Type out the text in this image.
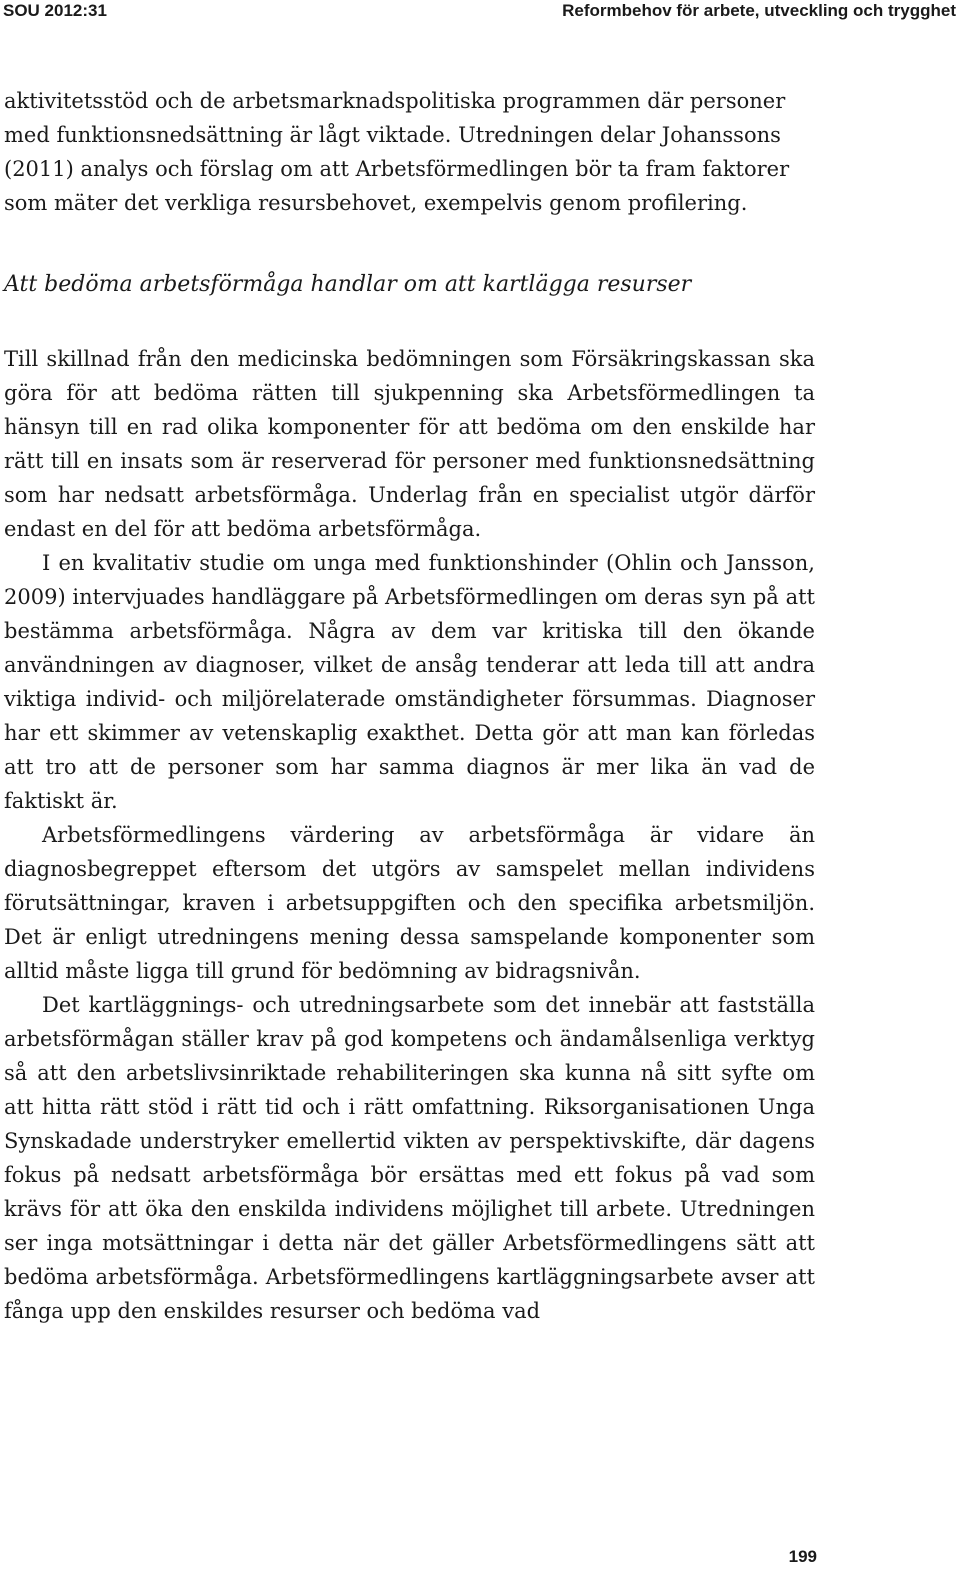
SOU 2012:31	Reformbehov för arbete, utveckling och trygghet

aktivitetsstöd och de arbetsmarknadspolitiska programmen där personer med funktionsnedsättning är lågt viktade. Utredningen delar Johanssons (2011) analys och förslag om att Arbetsförmedlingen bör ta fram faktorer som mäter det verkliga resursbehovet, exempelvis genom profilering.

Att bedöma arbetsförmåga handlar om att kartlägga resurser

Till skillnad från den medicinska bedömningen som Försäkringskassan ska göra för att bedöma rätten till sjukpenning ska Arbetsförmedlingen ta hänsyn till en rad olika komponenter för att bedöma om den enskilde har rätt till en insats som är reserverad för personer med funktionsnedsättning som har nedsatt arbetsförmåga. Underlag från en specialist utgör därför endast en del för att bedöma arbetsförmåga.

I en kvalitativ studie om unga med funktionshinder (Ohlin och Jansson, 2009) intervjuades handläggare på Arbetsförmedlingen om deras syn på att bestämma arbetsförmåga. Några av dem var kritiska till den ökande användningen av diagnoser, vilket de ansåg tenderar att leda till att andra viktiga individ- och miljörelaterade omständigheter försummas. Diagnoser har ett skimmer av vetenskaplig exakthet. Detta gör att man kan förledas att tro att de personer som har samma diagnos är mer lika än vad de faktiskt är.

Arbetsförmedlingens värdering av arbetsförmåga är vidare än diagnosbegreppet eftersom det utgörs av samspelet mellan individens förutsättningar, kraven i arbetsuppgiften och den specifika arbetsmiljön. Det är enligt utredningens mening dessa samspelande komponenter som alltid måste ligga till grund för bedömning av bidragsnivån.

Det kartläggnings- och utredningsarbete som det innebär att fastställa arbetsförmågan ställer krav på god kompetens och ändamålsenliga verktyg så att den arbetslivsinriktade rehabiliteringen ska kunna nå sitt syfte om att hitta rätt stöd i rätt tid och i rätt omfattning. Riksorganisationen Unga Synskadade understryker emellertid vikten av perspektivskifte, där dagens fokus på nedsatt arbetsförmåga bör ersättas med ett fokus på vad som krävs för att öka den enskilda individens möjlighet till arbete. Utredningen ser inga motsättningar i detta när det gäller Arbetsförmedlingens sätt att bedöma arbetsförmåga. Arbetsförmedlingens kartläggningsarbete avser att fånga upp den enskildes resurser och bedöma vad

199
